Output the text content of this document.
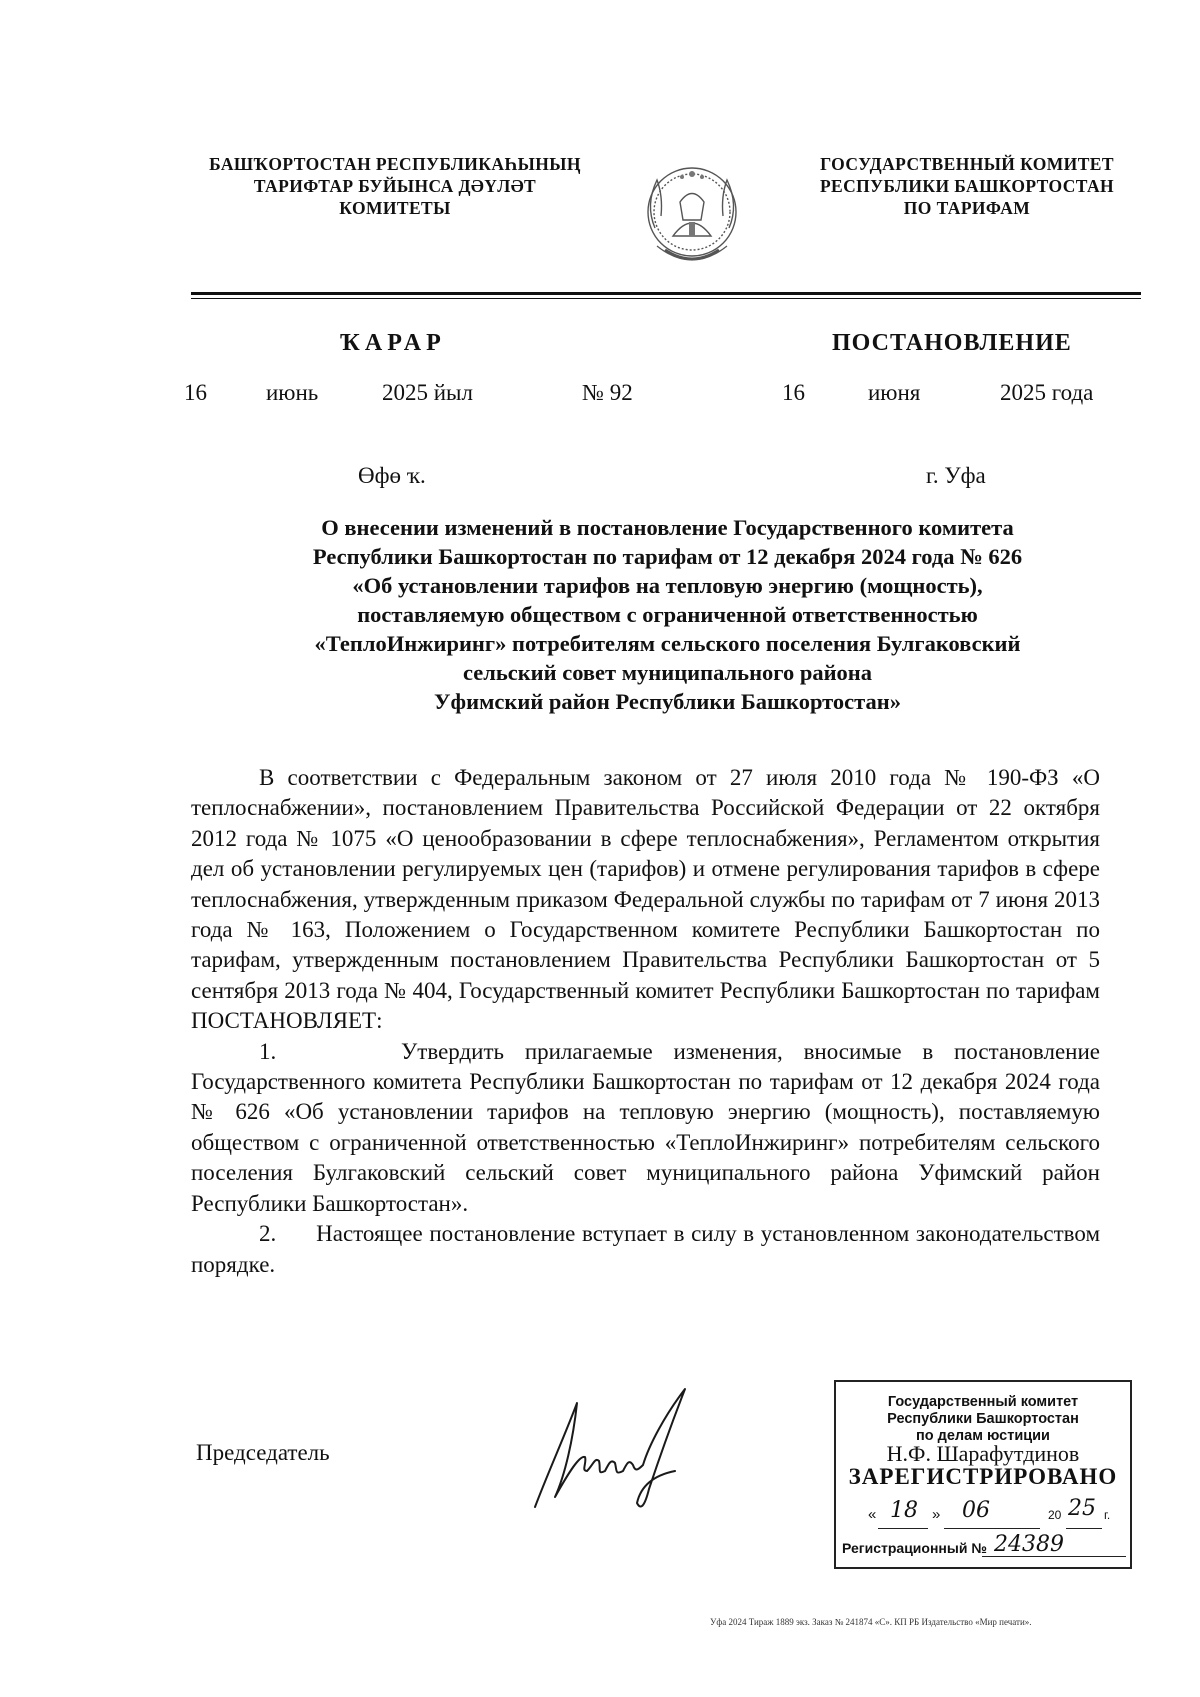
БАШҠОРТОСТАН РЕСПУБЛИКАҺЫНЫҢ
ТАРИФТАР БУЙЫНСА ДӘҮЛӘТ
КОМИТЕТЫ
ГОСУДАРСТВЕННЫЙ КОМИТЕТ
РЕСПУБЛИКИ БАШКОРТОСТАН
ПО ТАРИФАМ
ҠАРАР	ПОСТАНОВЛЕНИЕ
16	июнь	2025 йыл	№ 92	16	июня	2025 года
Өфө ҡ.	г. Уфа
О внесении изменений в постановление Государственного комитета
Республики Башкортостан по тарифам от 12 декабря 2024 года № 626
«Об установлении тарифов на тепловую энергию (мощность),
поставляемую обществом с ограниченной ответственностью
«ТеплоИнжиринг» потребителям сельского поселения Булгаковский
сельский совет муниципального района
Уфимский район Республики Башкортостан»

В соответствии с Федеральным законом от 27 июля 2010 года № 190-ФЗ «О теплоснабжении», постановлением Правительства Российской Федерации от 22 октября 2012 года № 1075 «О ценообразовании в сфере теплоснабжения», Регламентом открытия дел об установлении регулируемых цен (тарифов) и отмене регулирования тарифов в сфере теплоснабжения, утвержденным приказом Федеральной службы по тарифам от 7 июня 2013 года № 163, Положением о Государственном комитете Республики Башкортостан по тарифам, утвержденным постановлением Правительства Республики Башкортостан от 5 сентября 2013 года № 404, Государственный комитет Республики Башкортостан по тарифам ПОСТАНОВЛЯЕТ:

1.      Утвердить прилагаемые изменения, вносимые в постановление Государственного комитета Республики Башкортостан по тарифам от 12 декабря 2024 года № 626 «Об установлении тарифов на тепловую энергию (мощность), поставляемую обществом с ограниченной ответственностью «ТеплоИнжиринг» потребителям сельского поселения Булгаковский сельский совет муниципального района Уфимский район Республики Башкортостан».

2.      Настоящее постановление вступает в силу в установленном законодательством порядке.

Председатель
Государственный комитет
Республики Башкортостан
по делам юстиции
Н.Ф. Шарафутдинов
ЗАРЕГИСТРИРОВАНО
« 18 » 06	20 25 г.
Регистрационный № 24389
Уфа 2024 Тираж 1889 экз. Заказ № 241874 «С». КП РБ Издательство «Мир печати».
